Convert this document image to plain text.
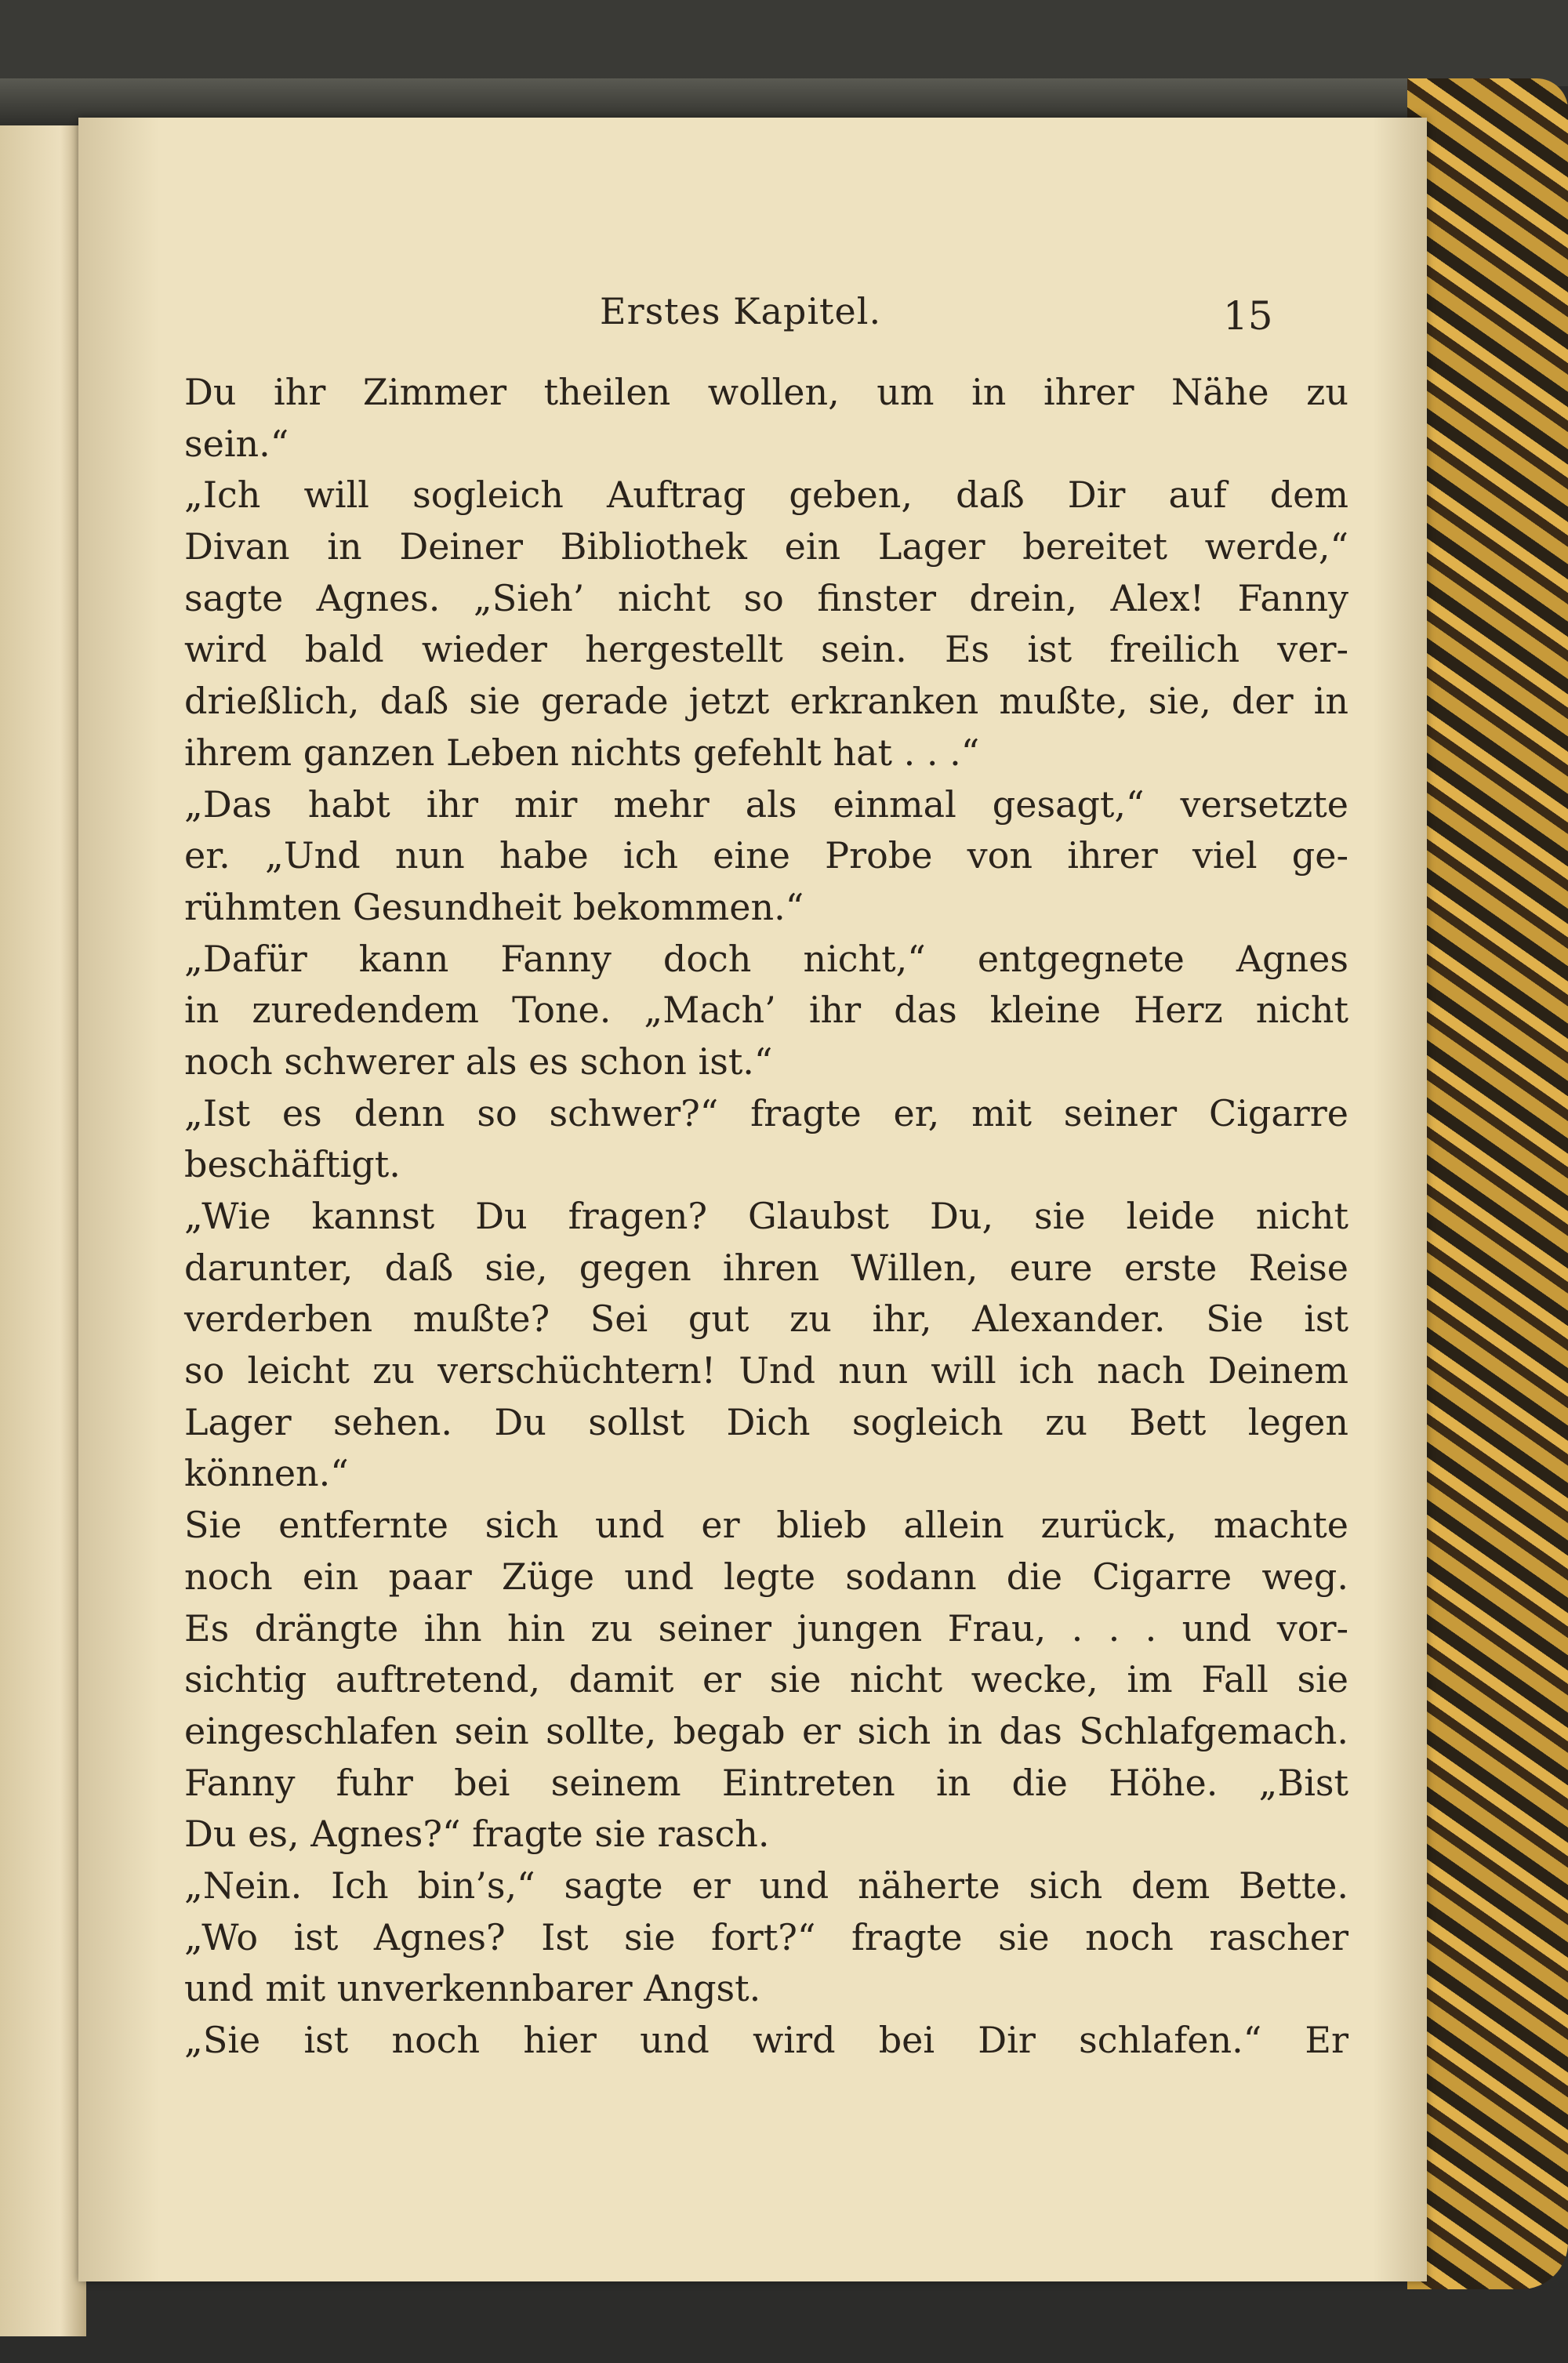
Erstes Kapitel.	15
Du ihr Zimmer theilen wollen, um in ihrer Nähe zu
sein.“
„Ich will sogleich Auftrag geben, daß Dir auf dem
Divan in Deiner Bibliothek ein Lager bereitet werde,“
sagte Agnes. „Sieh’ nicht so finster drein, Alex! Fanny
wird bald wieder hergestellt sein. Es ist freilich ver-
drießlich, daß sie gerade jetzt erkranken mußte, sie, der in
ihrem ganzen Leben nichts gefehlt hat . . .“
„Das habt ihr mir mehr als einmal gesagt,“ versetzte
er. „Und nun habe ich eine Probe von ihrer viel ge-
rühmten Gesundheit bekommen.“
„Dafür kann Fanny doch nicht,“ entgegnete Agnes
in zuredendem Tone. „Mach’ ihr das kleine Herz nicht
noch schwerer als es schon ist.“
„Ist es denn so schwer?“ fragte er, mit seiner Cigarre
beschäftigt.
„Wie kannst Du fragen? Glaubst Du, sie leide nicht
darunter, daß sie, gegen ihren Willen, eure erste Reise
verderben mußte? Sei gut zu ihr, Alexander. Sie ist
so leicht zu verschüchtern! Und nun will ich nach Deinem
Lager sehen. Du sollst Dich sogleich zu Bett legen
können.“
Sie entfernte sich und er blieb allein zurück, machte
noch ein paar Züge und legte sodann die Cigarre weg.
Es drängte ihn hin zu seiner jungen Frau, . . . und vor-
sichtig auftretend, damit er sie nicht wecke, im Fall sie
eingeschlafen sein sollte, begab er sich in das Schlafgemach.
Fanny fuhr bei seinem Eintreten in die Höhe. „Bist
Du es, Agnes?“ fragte sie rasch.
„Nein. Ich bin’s,“ sagte er und näherte sich dem Bette.
„Wo ist Agnes? Ist sie fort?“ fragte sie noch rascher
und mit unverkennbarer Angst.
„Sie ist noch hier und wird bei Dir schlafen.“ Er
